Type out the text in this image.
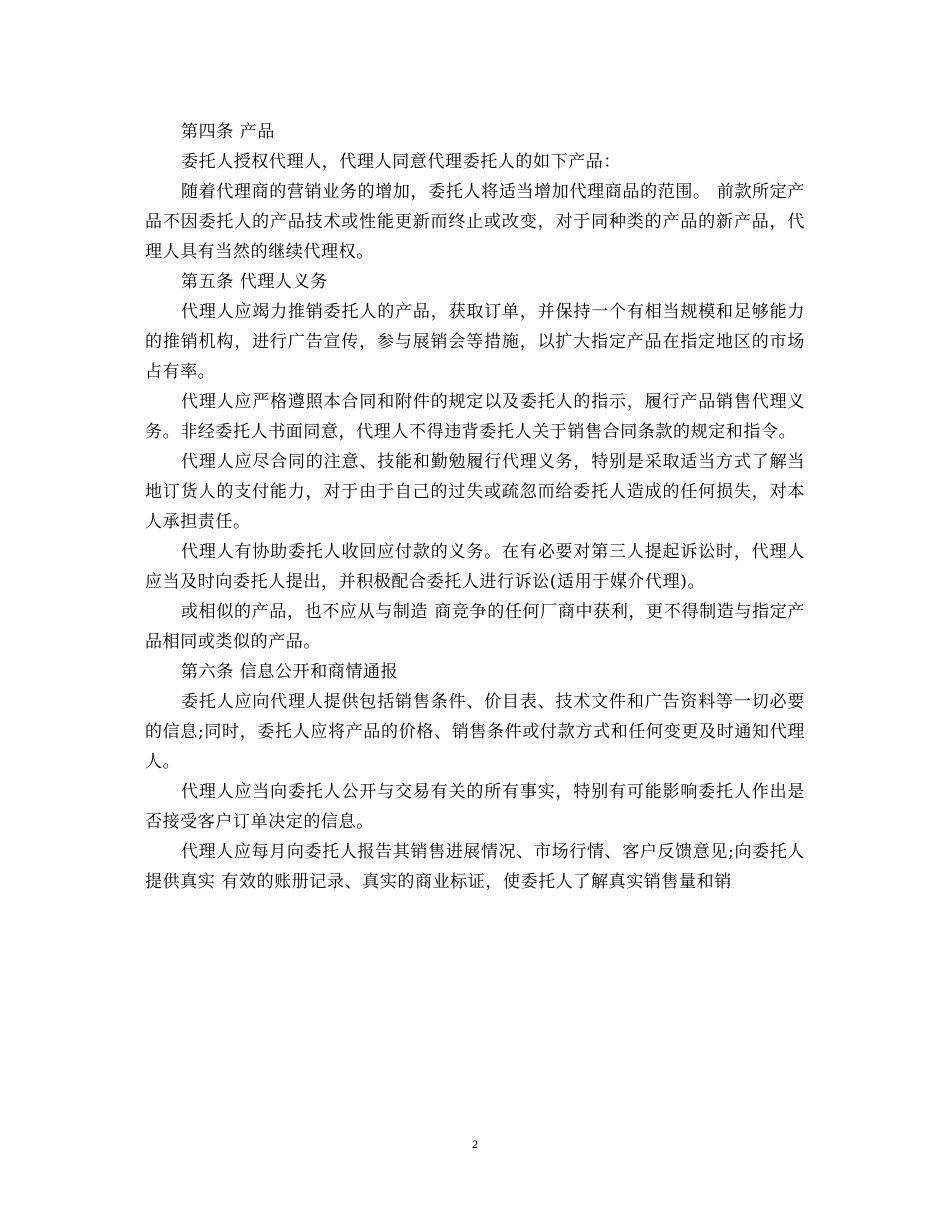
第四条 产品

委托人授权代理人，代理人同意代理委托人的如下产品：

随着代理商的营销业务的增加，委托人将适当增加代理商品的范围。 前款所定产品不因委托人的产品技术或性能更新而终止或改变，对于同种类的产品的新产品，代理人具有当然的继续代理权。

第五条 代理人义务

代理人应竭力推销委托人的产品，获取订单，并保持一个有相当规模和足够能力的推销机构，进行广告宣传，参与展销会等措施，以扩大指定产品在指定地区的市场占有率。

代理人应严格遵照本合同和附件的规定以及委托人的指示，履行产品销售代理义务。非经委托人书面同意，代理人不得违背委托人关于销售合同条款的规定和指令。

代理人应尽合同的注意、技能和勤勉履行代理义务，特别是采取适当方式了解当地订货人的支付能力，对于由于自己的过失或疏忽而给委托人造成的任何损失，对本人承担责任。

代理人有协助委托人收回应付款的义务。在有必要对第三人提起诉讼时，代理人应当及时向委托人提出，并积极配合委托人进行诉讼(适用于媒介代理)。

或相似的产品，也不应从与制造 商竞争的任何厂商中获利，更不得制造与指定产品相同或类似的产品。

第六条 信息公开和商情通报

委托人应向代理人提供包括销售条件、价目表、技术文件和广告资料等一切必要的信息;同时，委托人应将产品的价格、销售条件或付款方式和任何变更及时通知代理人。

代理人应当向委托人公开与交易有关的所有事实，特别有可能影响委托人作出是否接受客户订单决定的信息。

代理人应每月向委托人报告其销售进展情况、市场行情、客户反馈意见;向委托人提供真实 有效的账册记录、真实的商业标证，使委托人了解真实销售量和销

2
